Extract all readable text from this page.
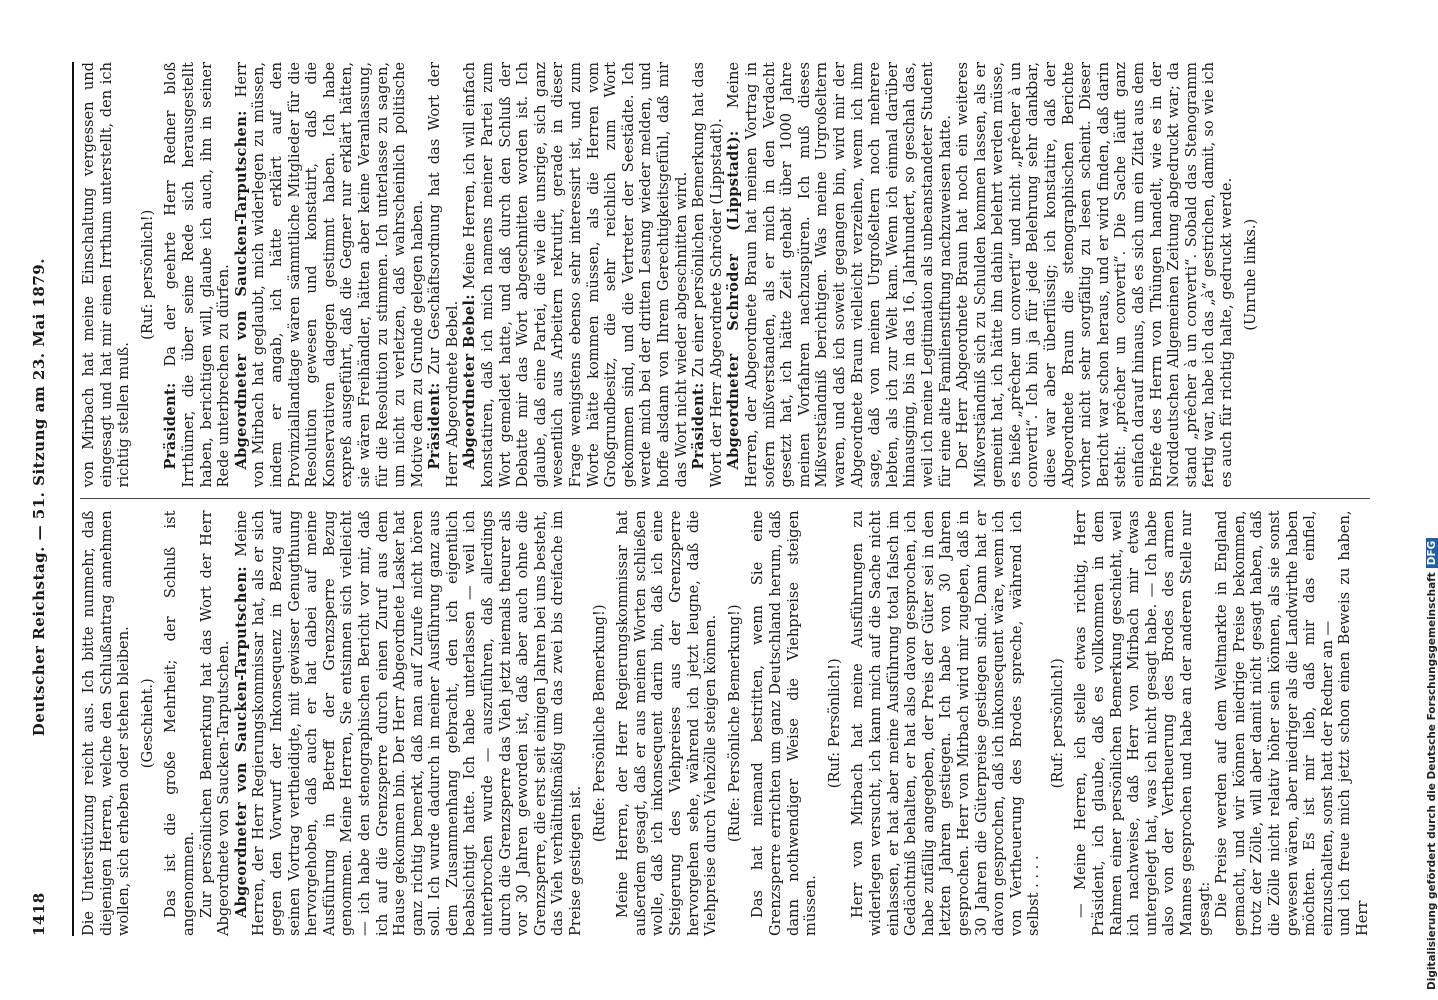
1418
Deutscher Reichstag. — 51. Sitzung am 23. Mai 1879. Die Unterstützung reicht aus. Ich bitte nunmehr, daß diejenigen Herren, welche den Schlußantrag annehmen wollen, sich erheben oder stehen bleiben. (Geschieht.) Das ist die große Mehrheit; der Schluß ist angenommen. Zur persönlichen Bemerkung hat das Wort der Herr Abgeordnete von Saucken-Tarputschen. Abgeordneter von Saucken-Tarputschen: Meine Herren, der Herr Regierungskommissar hat, als er sich gegen den Vorwurf der Inkonsequenz in Bezug auf seinen Vortrag vertheidigte, mit gewisser Genugthuung hervorgehoben, daß auch er hat dabei auf meine Ausführung in Betreff der Grenzsperre Bezug genommen. Meine Herren, Sie entsinnen sich vielleicht — ich habe den stenographischen Bericht vor mir, daß ich auf die Grenzsperre durch einen Zuruf aus dem Hause gekommen bin. Der Herr Abgeordnete Lasker hat ganz richtig bemerkt, daß man auf Zurufe nicht hören soll. Ich wurde dadurch in meiner Ausführung ganz aus dem Zusammenhang gebracht, den ich eigentlich beabsichtigt hatte. Ich habe unterlassen — weil ich unterbrochen wurde — auszuführen, daß allerdings durch die Grenzsperre das Vieh jetzt niemals theurer als vor 30 Jahren geworden ist, daß aber auch ohne die Grenzsperre, die erst seit einigen Jahren bei uns besteht, das Vieh verhältnißmäßig um das zwei bis dreifache im Preise gestiegen ist.

(Rufe: Persönliche Bemerkung!) Meine Herren, der Herr Regierungskommissar hat außerdem gesagt, daß er aus meinen Worten schließen wolle, daß ich inkonsequent darin bin, daß ich eine Steigerung des Viehpreises aus der Grenzsperre hervorgehen sehe, während ich jetzt leugne, daß die Viehpreise durch Viehzölle steigen können. (Rufe: Persönliche Bemerkung!) Das hat niemand bestritten, wenn Sie eine Grenzsperre errichten um ganz Deutschland herum, daß dann nothwendiger Weise die Viehpreise steigen müssen.

(Ruf: Persönlich!) Herr von Mirbach hat meine Ausführungen zu widerlegen versucht, ich kann mich auf die Sache nicht einlassen, er hat aber meine Ausführung total falsch im Gedächtniß behalten, er hat also davon gesprochen, ich habe zufällig angegeben, der Preis der Güter sei in den letzten Jahren gestiegen. Ich habe von 30 Jahren gesprochen. Herr von Mirbach wird mir zugeben, daß in 30 Jahren die Güterpreise gestiegen sind. Dann hat er davon gesprochen, daß ich inkonsequent wäre, wenn ich von Vertheuerung des Brodes spreche, während ich selbst . . . .

(Ruf: persönlich!) — Meine Herren, ich stelle etwas richtig, Herr Präsident, ich glaube, daß es vollkommen in dem Rahmen einer persönlichen Bemerkung geschieht, weil ich nachweise, daß Herr von Mirbach mir etwas untergelegt hat, was ich nicht gesagt habe. — Ich habe also von der Vertheuerung des Brodes des armen Mannes gesprochen und habe an der anderen Stelle nur gesagt: Die Preise werden auf dem Weltmarkte in England gemacht, und wir können niedrige Preise bekommen, trotz der Zölle, will aber damit nicht gesagt haben, daß die Zölle nicht relativ höher sein können, als sie sonst gewesen wären, aber niedriger als die Landwirthe haben möchten. Es ist mir lieb, daß mir das einfiel, einzuschalten, sonst hatt der Redner an — und ich freue mich jetzt schon einen Beweis zu haben, Herr

von Mirbach hat meine Einschaltung vergessen und eingesagt und hat mir einen Irrthum unterstellt, den ich richtig stellen muß.

(Ruf: persönlich!)

Präsident: Da der geehrte Herr Redner bloß Irrthümer, die über seine Rede sich herausgestellt haben, berichtigen will, glaube ich auch, ihn in seiner Rede unterbrechen zu dürfen. Abgeordneter von Saucken-Tarputschen: Herr von Mirbach hat geglaubt, mich widerlegen zu müssen, indem er angab, ich hätte erklärt auf den Provinziallandtage wären sämmtliche Mitglieder für die Resolution gewesen und konstatirt, daß die Konservativen dagegen gestimmt haben. Ich habe expreß ausgeführt, daß die Gegner nur erklärt hätten, sie wären Freihändler, hätten aber keine Veranlassung, für die Resolution zu stimmen. Ich unterlasse zu sagen, um nicht zu verletzen, daß wahrscheinlich politische Motive dem zu Grunde gelegen haben. Präsident: Zur Geschäftsordnung hat das Wort der Herr Abgeordnete Bebel. Abgeordneter Bebel: Meine Herren, ich will einfach konstatiren, daß ich mich namens meiner Partei zum Wort gemeldet hatte, und daß durch den Schluß der Debatte mir das Wort abgeschnitten worden ist. Ich glaube, daß eine Partei, die wie die unsrige, sich ganz wesentlich aus Arbeitern rekrutirt, gerade in dieser Frage wenigstens ebenso sehr interessirt ist, und zum Worte hätte kommen müssen, als die Herren vom Großgrundbesitz, die sehr reichlich zum Wort gekommen sind, und die Vertreter der Seestädte. Ich werde mich bei der dritten Lesung wieder melden, und hoffe alsdann von Ihrem Gerechtigkeitsgefühl, daß mir das Wort nicht wieder abgeschnitten wird. Präsident: Zu einer persönlichen Bemerkung hat das Wort der Herr Abgeordnete Schröder (Lippstadt). Abgeordneter Schröder (Lippstadt): Meine Herren, der Abgeordnete Braun hat meinen Vortrag in sofern mißverstanden, als er mich in den Verdacht gesetzt hat, ich hätte Zeit gehabt über 1000 Jahre meinen Vorfahren nachzuspüren. Ich muß dieses Mißverständniß berichtigen. Was meine Urgroßeltern waren, und daß ich soweit gegangen bin, wird mir der Abgeordnete Braun vielleicht verzeihen, wenn ich ihm sage, daß von meinen Urgroßeltern noch mehrere lebten, als ich zur Welt kam. Wenn ich einmal darüber hinausging, bis in das 16. Jahrhundert, so geschah das, weil ich meine Legitimation als unbeanstandeter Student für eine alte Familienstiftung nachzuweisen hatte. Der Herr Abgeordnete Braun hat noch ein weiteres Mißverständniß sich zu Schulden kommen lassen, als er gemeint hat, ich hätte ihn dahin belehrt werden müsse, es hieße „prêcher un converti“ und nicht „prêcher à un converti“. Ich bin ja für jede Belehrung sehr dankbar, diese war aber überflüssig; ich konstatire, daß der Abgeordnete Braun die stenographischen Berichte vorher nicht sehr sorgfältig zu lesen scheint. Dieser Bericht war schon heraus, und er wird finden, daß darin steht: „prêcher un converti“. Die Sache läuft ganz einfach darauf hinaus, daß es sich um ein Zitat aus dem Briefe des Herrn von Thüngen handelt, wie es in der Norddeutschen Allgemeinen Zeitung abgedruckt war; da stand „prêcher à un converti“. Sobald das Stenogramm fertig war, habe ich das „à“ gestrichen, damit, so wie ich es auch für richtig halte, gedruckt werde. (Unruhe links.)

Digitalisierung gefördert durch die Deutsche ForschungsgemeinschaftDFG
